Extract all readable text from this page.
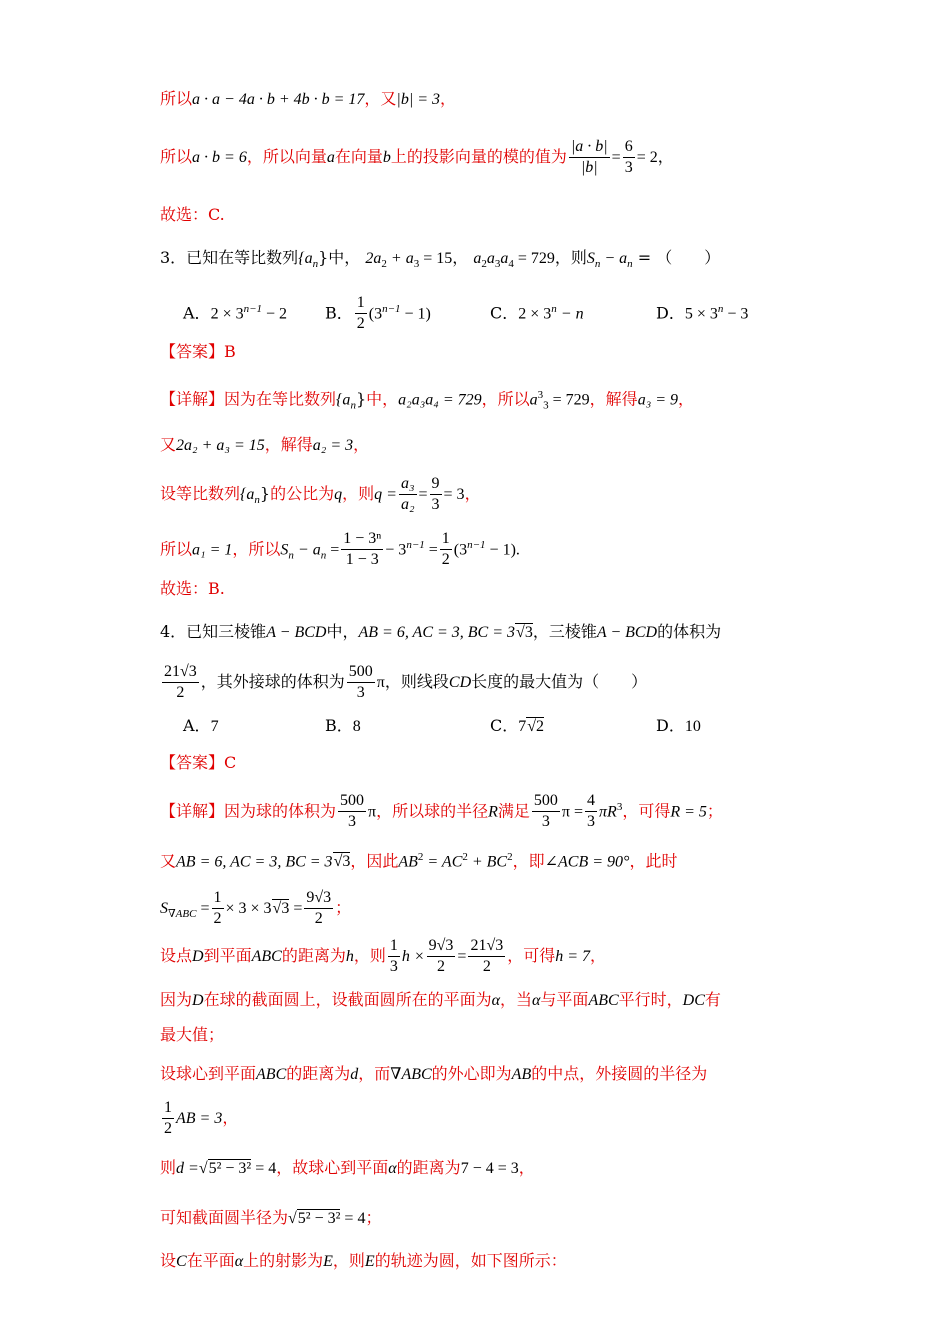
所以a · a − 4a · b + 4b · b = 17，又|b| = 3，
所以a · b = 6，所以向量a在向量b上的投影向量的模的值为 $\frac{|a \cdot b|}{|b|} = \frac{6}{3} = 2$，
故选：C.
3．已知在等比数列$\{a_n\}$中， $2a_2 + a_3 = 15$， $a_2a_3a_4 = 729$，则$S_n - a_n$ = （　　）
A．$2 \times 3^{n-1} - 2$ B． $\frac{1}{2} (3^{n-1} - 1)$	C．$2 \times 3^n - n$	D．$5 \times 3^n - 3$
【答案】B
【详解】因为在等比数列$\{a_n\}$中，a₂a₃a₄ = 729，所以$a^3_3 = 729$，解得a₃ = 9，
又2a₂ + a₃ = 15，解得a₂ = 3，
设等比数列$\{a_n\}$的公比为q，则$q = \frac{\text{a₃}}{\text{a₂}} = \frac{9}{3} = 3$，
所以a₁ = 1，所以$S_n - a_n = \frac{\text{1 − 3ⁿ}}{1 - 3} - 3^{n-1} = \frac{1}{2} (3^{n-1} - 1)$.
故选：B.
4．已知三棱锥A − BCD中，AB = 6, AC = 3, BC = 3√3，三棱锥A − BCD的体积为
$\frac{21√3}{2}$ ，其外接球的体积为 $\frac{500}{3}$ π，则线段CD长度的最大值为（　　）
A．7	B．8	C．7√2	D．10
【答案】C
【详解】因为球的体积为 $\frac{500}{3}$ π，所以球的半径R满足 $\frac{500}{3}$ $\pi = \frac{4}{3} \pi R^3$，可得R = 5；
又AB = 6, AC = 3, BC = 3√3，因此$AB^2 = AC^2 + BC^2$，即∠ACB = 90°，此时
$S_{\nabla ABC} = \frac{1}{2} \times 3 \times 3√3 = \frac{9√3}{2}$ ；
设点D到平面ABC的距离为h，则 $\frac{1}{3}$ $h \times \frac{9√3}{2} = \frac{21√3}{2}$ ，可得h = 7，
因为D在球的截面圆上，设截面圆所在的平面为α，当α与平面ABC平行时，DC有
最大值；
设球心到平面ABC的距离为d，而∇ABC的外心即为AB的中点，外接圆的半径为
$\frac{1}{2}$ AB = 3，
则d =√5² − 3² = 4，故球心到平面α的距离为7 − 4 = 3，
可知截面圆半径为√5² − 3² = 4；
设C在平面α上的射影为E，则E的轨迹为圆，如下图所示：
